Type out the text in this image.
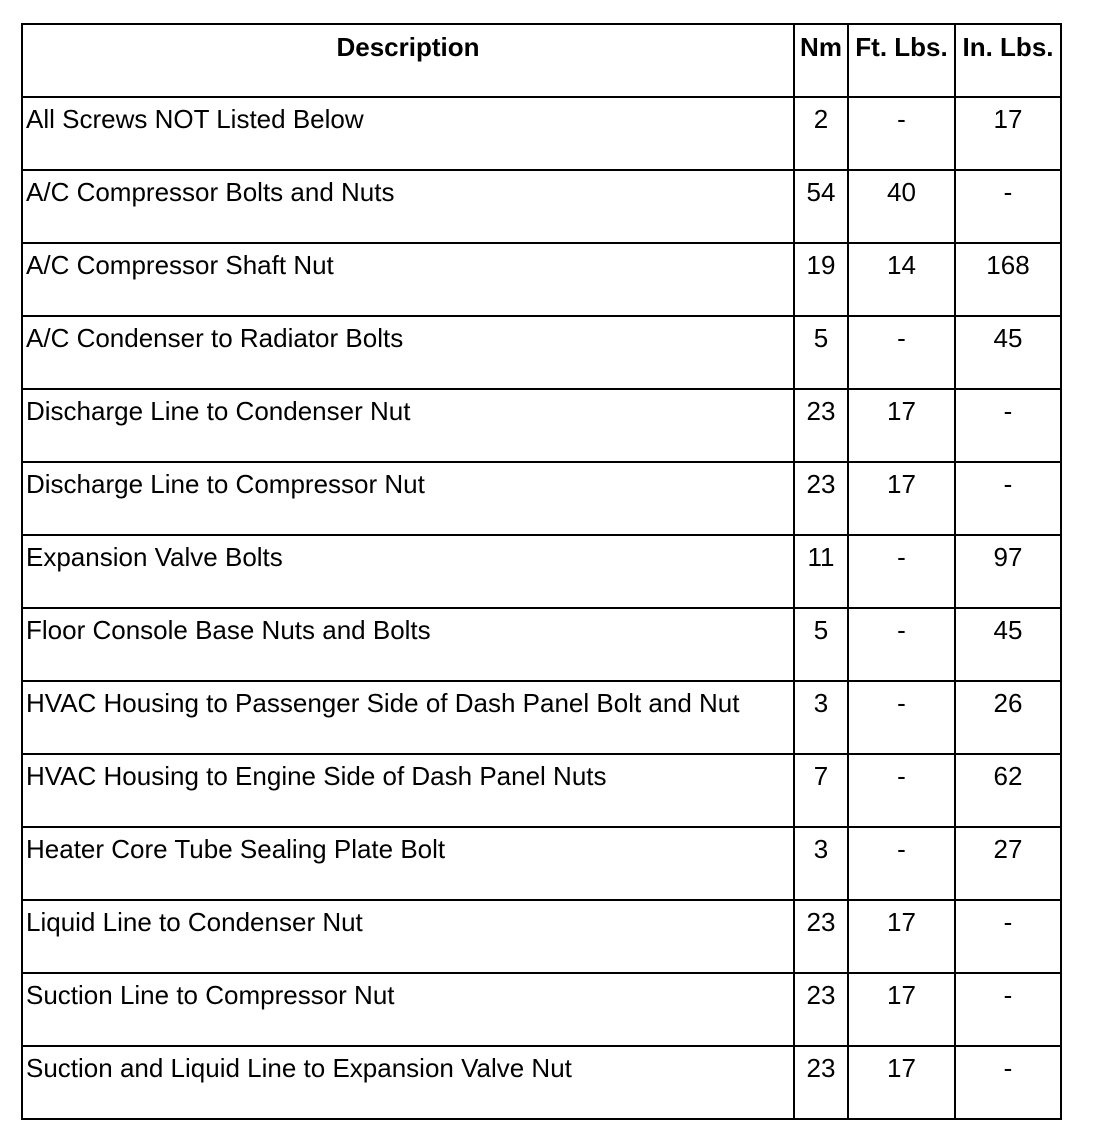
Description	Nm	Ft. Lbs.	In. Lbs.
All Screws NOT Listed Below	2	-	17
A/C Compressor Bolts and Nuts	54	40	-
A/C Compressor Shaft Nut	19	14	168
A/C Condenser to Radiator Bolts	5	-	45
Discharge Line to Condenser Nut	23	17	-
Discharge Line to Compressor Nut	23	17	-
Expansion Valve Bolts	11	-	97
Floor Console Base Nuts and Bolts	5	-	45
HVAC Housing to Passenger Side of Dash Panel Bolt and Nut	3	-	26
HVAC Housing to Engine Side of Dash Panel Nuts	7	-	62
Heater Core Tube Sealing Plate Bolt	3	-	27
Liquid Line to Condenser Nut	23	17	-
Suction Line to Compressor Nut	23	17	-
Suction and Liquid Line to Expansion Valve Nut	23	17	-
